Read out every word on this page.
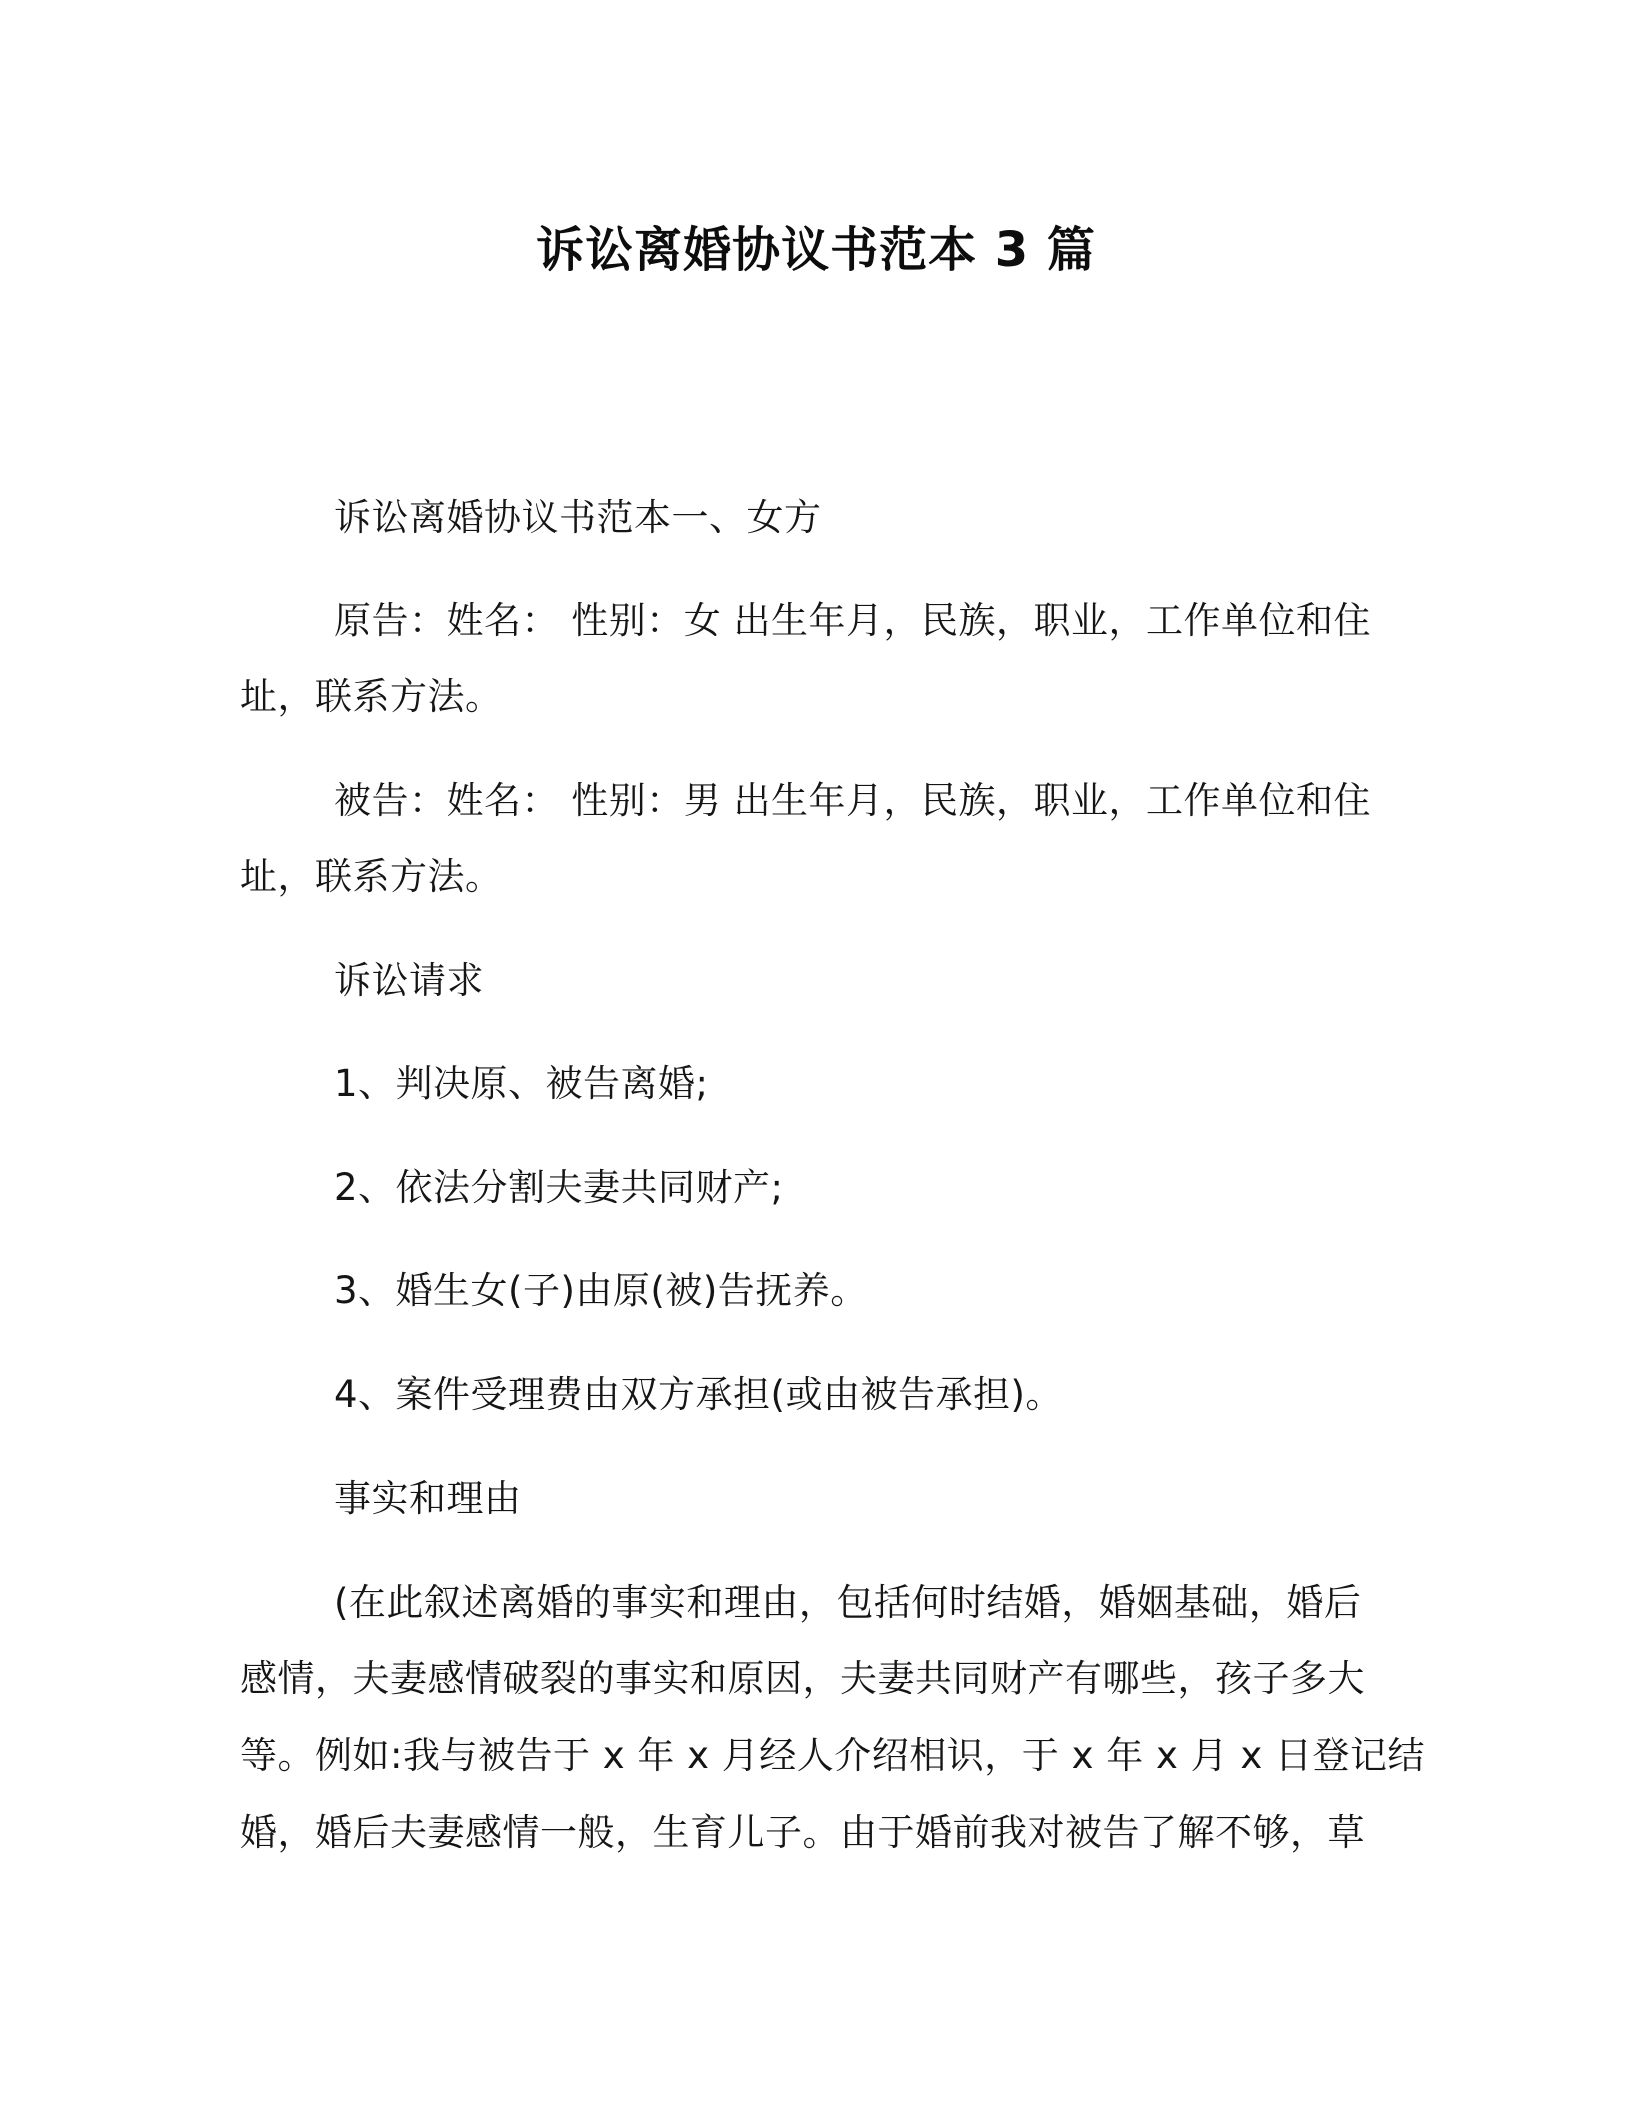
诉讼离婚协议书范本 3 篇
诉讼离婚协议书范本一、女方
原告：姓名： 性别：女 出生年月，民族，职业，工作单位和住
址，联系方法。
被告：姓名： 性别：男 出生年月，民族，职业，工作单位和住
址，联系方法。
诉讼请求
1、判决原、被告离婚;
2、依法分割夫妻共同财产;
3、婚生女(子)由原(被)告抚养。
4、案件受理费由双方承担(或由被告承担)。
事实和理由
(在此叙述离婚的事实和理由，包括何时结婚，婚姻基础，婚后
感情，夫妻感情破裂的事实和原因，夫妻共同财产有哪些，孩子多大
等。例如:我与被告于 x 年 x 月经人介绍相识，于 x 年 x 月 x 日登记结
婚，婚后夫妻感情一般，生育儿子。由于婚前我对被告了解不够，草
